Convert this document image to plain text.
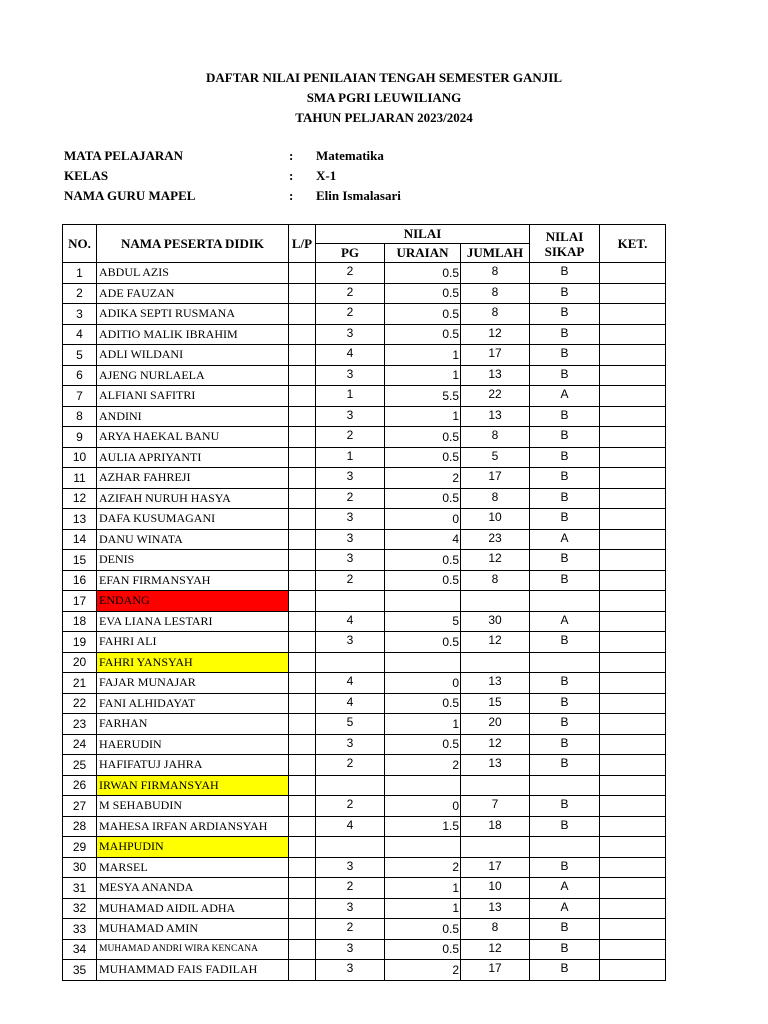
DAFTAR NILAI PENILAIAN TENGAH SEMESTER GANJIL
SMA PGRI LEUWILIANG
TAHUN PELJARAN 2023/2024
MATA PELAJARAN	: Matematika
KELAS	: X-1
NAMA GURU MAPEL	: Elin Ismalasari
NO.	NAMA PESERTA DIDIK	L/P	NILAI			NILAI SIKAP	KET.
			PG	URAIAN	JUMLAH		
1	ABDUL AZIS		2	0.5	8	B	
2	ADE FAUZAN		2	0.5	8	B	
3	ADIKA SEPTI RUSMANA		2	0.5	8	B	
4	ADITIO MALIK IBRAHIM		3	0.5	12	B	
5	ADLI WILDANI		4	1	17	B	
6	AJENG NURLAELA		3	1	13	B	
7	ALFIANI SAFITRI		1	5.5	22	A	
8	ANDINI		3	1	13	B	
9	ARYA HAEKAL BANU		2	0.5	8	B	
10	AULIA APRIYANTI		1	0.5	5	B	
11	AZHAR FAHREJI		3	2	17	B	
12	AZIFAH NURUH HASYA		2	0.5	8	B	
13	DAFA KUSUMAGANI		3	0	10	B	
14	DANU WINATA		3	4	23	A	
15	DENIS		3	0.5	12	B	
16	EFAN FIRMANSYAH		2	0.5	8	B	
17	ENDANG						
18	EVA LIANA LESTARI		4	5	30	A	
19	FAHRI ALI		3	0.5	12	B	
20	FAHRI YANSYAH						
21	FAJAR MUNAJAR		4	0	13	B	
22	FANI ALHIDAYAT		4	0.5	15	B	
23	FARHAN		5	1	20	B	
24	HAERUDIN		3	0.5	12	B	
25	HAFIFATUJ JAHRA		2	2	13	B	
26	IRWAN FIRMANSYAH						
27	M SEHABUDIN		2	0	7	B	
28	MAHESA IRFAN ARDIANSYAH		4	1.5	18	B	
29	MAHPUDIN						
30	MARSEL		3	2	17	B	
31	MESYA ANANDA		2	1	10	A	
32	MUHAMAD AIDIL ADHA		3	1	13	A	
33	MUHAMAD AMIN		2	0.5	8	B	
34	MUHAMAD ANDRI WIRA KENCANA		3	0.5	12	B	
35	MUHAMMAD FAIS FADILAH		3	2	17	B	
